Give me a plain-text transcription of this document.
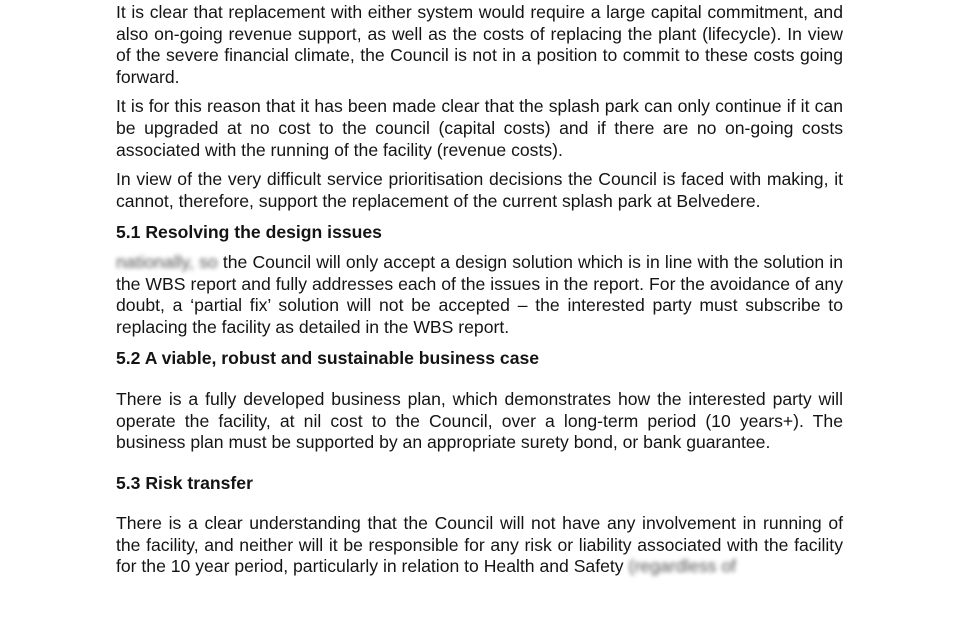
It is clear that replacement with either system would require a large capital commitment, and also on-going revenue support, as well as the costs of replacing the plant (lifecycle). In view of the severe financial climate, the Council is not in a position to commit to these costs going forward.

It is for this reason that it has been made clear that the splash park can only continue if it can be upgraded at no cost to the council (capital costs) and if there are no on-going costs associated with the running of the facility (revenue costs).

In view of the very difficult service prioritisation decisions the Council is faced with making, it cannot, therefore, support the replacement of the current splash park at Belvedere.

5.1 Resolving the design issues

nationally, so the Council will only accept a design solution which is in line with the solution in the WBS report and fully addresses each of the issues in the report. For the avoidance of any doubt, a ‘partial fix’ solution will not be accepted – the interested party must subscribe to replacing the facility as detailed in the WBS report.

5.2 A viable, robust and sustainable business case

There is a fully developed business plan, which demonstrates how the interested party will operate the facility, at nil cost to the Council, over a long-term period (10 years+). The business plan must be supported by an appropriate surety bond, or bank guarantee.

5.3 Risk transfer

There is a clear understanding that the Council will not have any involvement in running of the facility, and neither will it be responsible for any risk or liability associated with the facility for the 10 year period, particularly in relation to Health and Safety (regardless of
